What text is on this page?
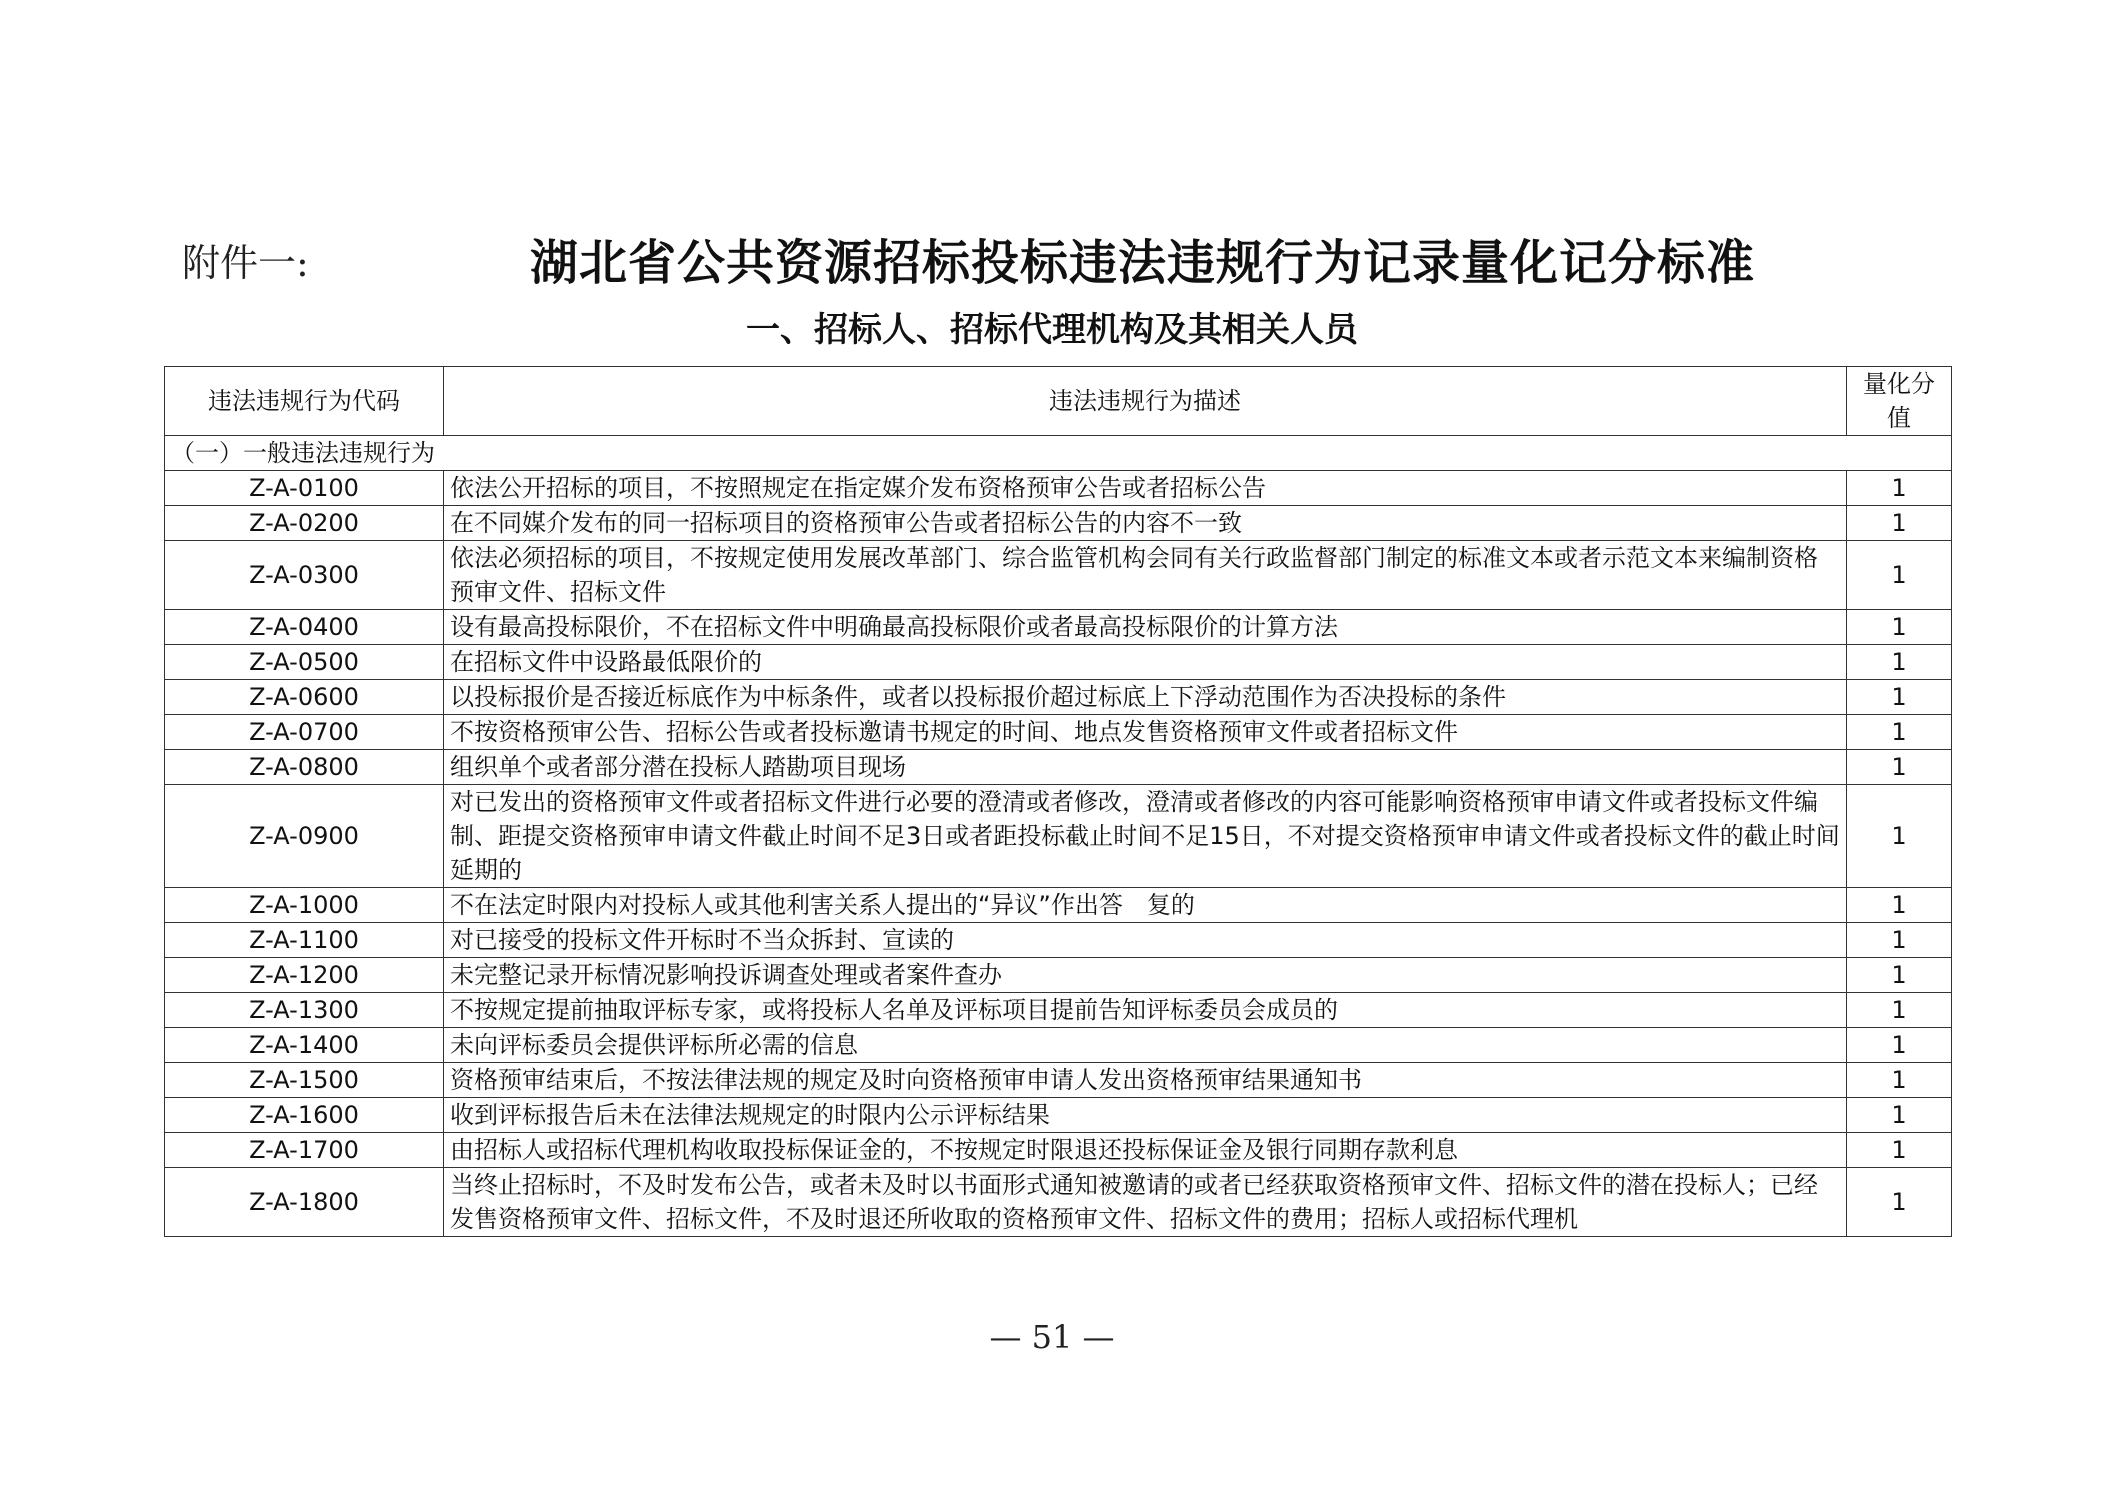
附件一:	湖北省公共资源招标投标违法违规行为记录量化记分标准
一、招标人、招标代理机构及其相关人员
违法违规行为代码	违法违规行为描述	量化分值
（一）一般违法违规行为		
Z-A-0100	依法公开招标的项目，不按照规定在指定媒介发布资格预审公告或者招标公告	1
Z-A-0200	在不同媒介发布的同一招标项目的资格预审公告或者招标公告的内容不一致	1
Z-A-0300	依法必须招标的项目，不按规定使用发展改革部门、综合监管机构会同有关行政监督部门制定的标准文本或者示范文本来编制资格预审文件、招标文件	1
Z-A-0400	设有最高投标限价，不在招标文件中明确最高投标限价或者最高投标限价的计算方法	1
Z-A-0500	在招标文件中设路最低限价的	1
Z-A-0600	以投标报价是否接近标底作为中标条件，或者以投标报价超过标底上下浮动范围作为否决投标的条件	1
Z-A-0700	不按资格预审公告、招标公告或者投标邀请书规定的时间、地点发售资格预审文件或者招标文件	1
Z-A-0800	组织单个或者部分潜在投标人踏勘项目现场	1
Z-A-0900	对已发出的资格预审文件或者招标文件进行必要的澄清或者修改，澄清或者修改的内容可能影响资格预审申请文件或者投标文件编制、距提交资格预审申请文件截止时间不足3日或者距投标截止时间不足15日，不对提交资格预审申请文件或者投标文件的截止时间延期的	1
Z-A-1000	不在法定时限内对投标人或其他利害关系人提出的“异议”作出答　复的	1
Z-A-1100	对已接受的投标文件开标时不当众拆封、宣读的	1
Z-A-1200	未完整记录开标情况影响投诉调查处理或者案件查办	1
Z-A-1300	不按规定提前抽取评标专家，或将投标人名单及评标项目提前告知评标委员会成员的	1
Z-A-1400	未向评标委员会提供评标所必需的信息	1
Z-A-1500	资格预审结束后，不按法律法规的规定及时向资格预审申请人发出资格预审结果通知书	1
Z-A-1600	收到评标报告后未在法律法规规定的时限内公示评标结果	1
Z-A-1700	由招标人或招标代理机构收取投标保证金的，不按规定时限退还投标保证金及银行同期存款利息	1
Z-A-1800	当终止招标时，不及时发布公告，或者未及时以书面形式通知被邀请的或者已经获取资格预审文件、招标文件的潜在投标人；已经发售资格预审文件、招标文件，不及时退还所收取的资格预审文件、招标文件的费用；招标人或招标代理机	1
— 51 —
